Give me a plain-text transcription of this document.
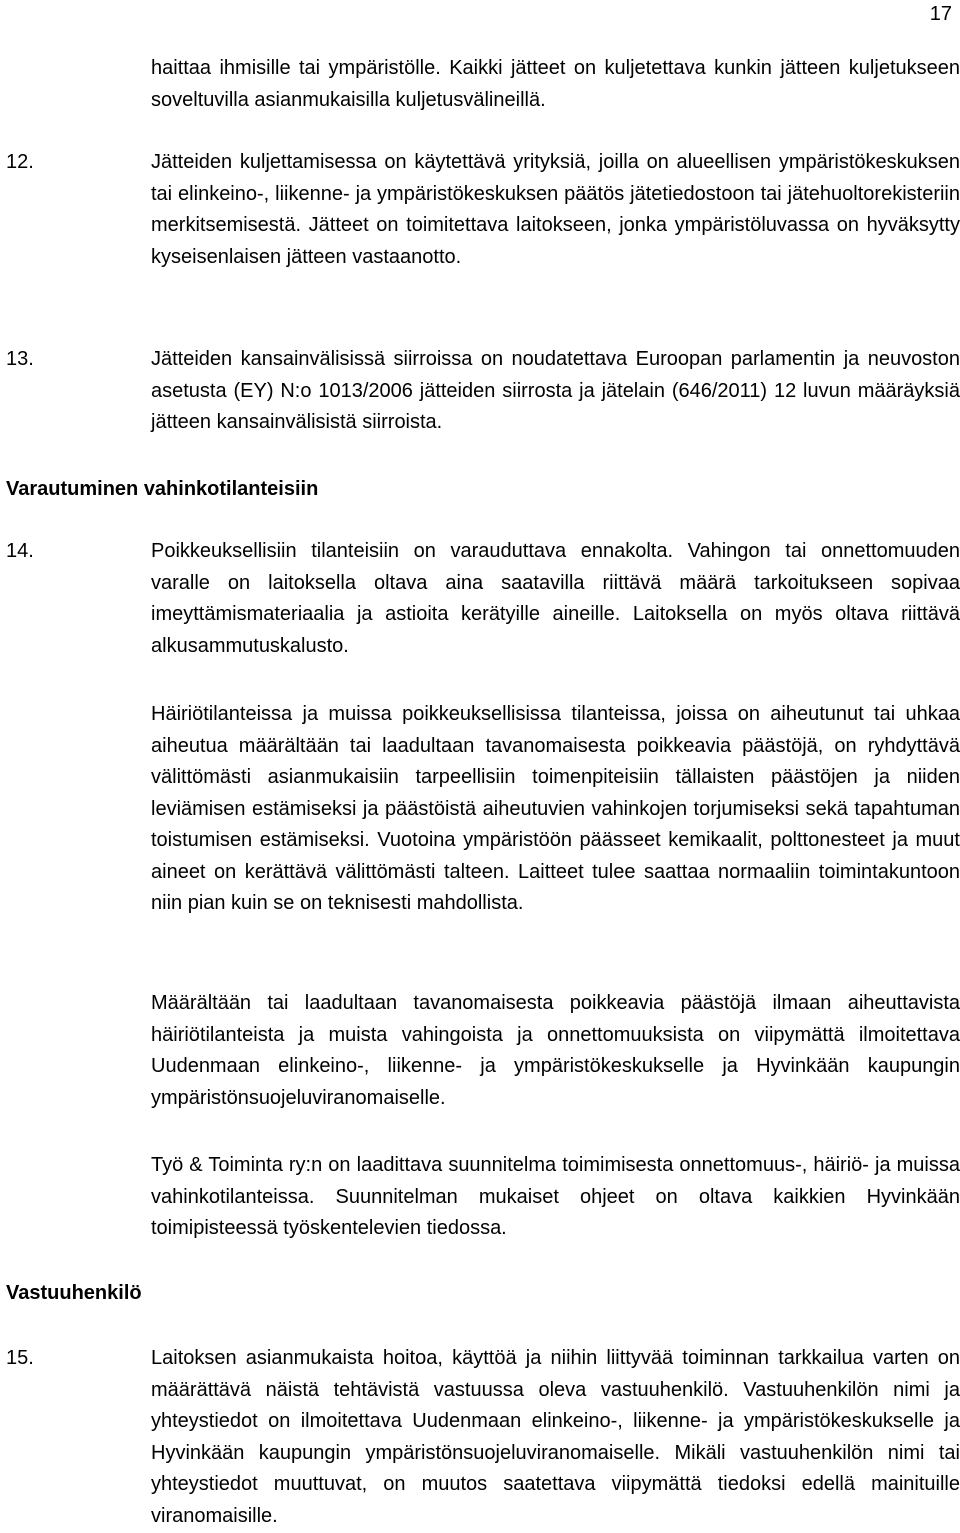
17

haittaa ihmisille tai ympäristölle. Kaikki jätteet on kuljetettava kunkin jätteen kuljetukseen soveltuvilla asianmukaisilla kuljetusvälineillä.

12.	Jätteiden kuljettamisessa on käytettävä yrityksiä, joilla on alueellisen ympäristökeskuksen tai elinkeino-, liikenne- ja ympäristökeskuksen päätös jätetiedostoon tai jätehuoltorekisteriin merkitsemisestä. Jätteet on toimitettava laitokseen, jonka ympäristöluvassa on hyväksytty kyseisenlaisen jätteen vastaanotto.

13.	Jätteiden kansainvälisissä siirroissa on noudatettava Euroopan parlamentin ja neuvoston asetusta (EY) N:o 1013/2006 jätteiden siirrosta ja jätelain (646/2011) 12 luvun määräyksiä jätteen kansainvälisistä siirroista.

Varautuminen vahinkotilanteisiin
14.	Poikkeuksellisiin tilanteisiin on varauduttava ennakolta. Vahingon tai onnettomuuden varalle on laitoksella oltava aina saatavilla riittävä määrä tarkoitukseen sopivaa imeyttämismateriaalia ja astioita kerätyille aineille. Laitoksella on myös oltava riittävä alkusammutuskalusto.

Häiriötilanteissa ja muissa poikkeuksellisissa tilanteissa, joissa on aiheutunut tai uhkaa aiheutua määrältään tai laadultaan tavanomaisesta poikkeavia päästöjä, on ryhdyttävä välittömästi asianmukaisiin tarpeellisiin toimenpiteisiin tällaisten päästöjen ja niiden leviämisen estämiseksi ja päästöistä aiheutuvien vahinkojen torjumiseksi sekä tapahtuman toistumisen estämiseksi. Vuotoina ympäristöön päässeet kemikaalit, polttonesteet ja muut aineet on kerättävä välittömästi talteen. Laitteet tulee saattaa normaaliin toimintakuntoon niin pian kuin se on teknisesti mahdollista.

Määrältään tai laadultaan tavanomaisesta poikkeavia päästöjä ilmaan aiheuttavista häiriötilanteista ja muista vahingoista ja onnettomuuksista on viipymättä ilmoitettava Uudenmaan elinkeino-, liikenne- ja ympäristökeskukselle ja Hyvinkään kaupungin ympäristönsuojeluviranomaiselle.

Työ & Toiminta ry:n on laadittava suunnitelma toimimisesta onnettomuus-, häiriö- ja muissa vahinkotilanteissa. Suunnitelman mukaiset ohjeet on oltava kaikkien Hyvinkään toimipisteessä työskentelevien tiedossa.

Vastuuhenkilö
15.	Laitoksen asianmukaista hoitoa, käyttöä ja niihin liittyvää toiminnan tarkkailua varten on määrättävä näistä tehtävistä vastuussa oleva vastuuhenkilö. Vastuuhenkilön nimi ja yhteystiedot on ilmoitettava Uudenmaan elinkeino-, liikenne- ja ympäristökeskukselle ja Hyvinkään kaupungin ympäristönsuojeluviranomaiselle. Mikäli vastuuhenkilön nimi tai yhteystiedot muuttuvat, on muutos saatettava viipymättä tiedoksi edellä mainituille viranomaisille.
